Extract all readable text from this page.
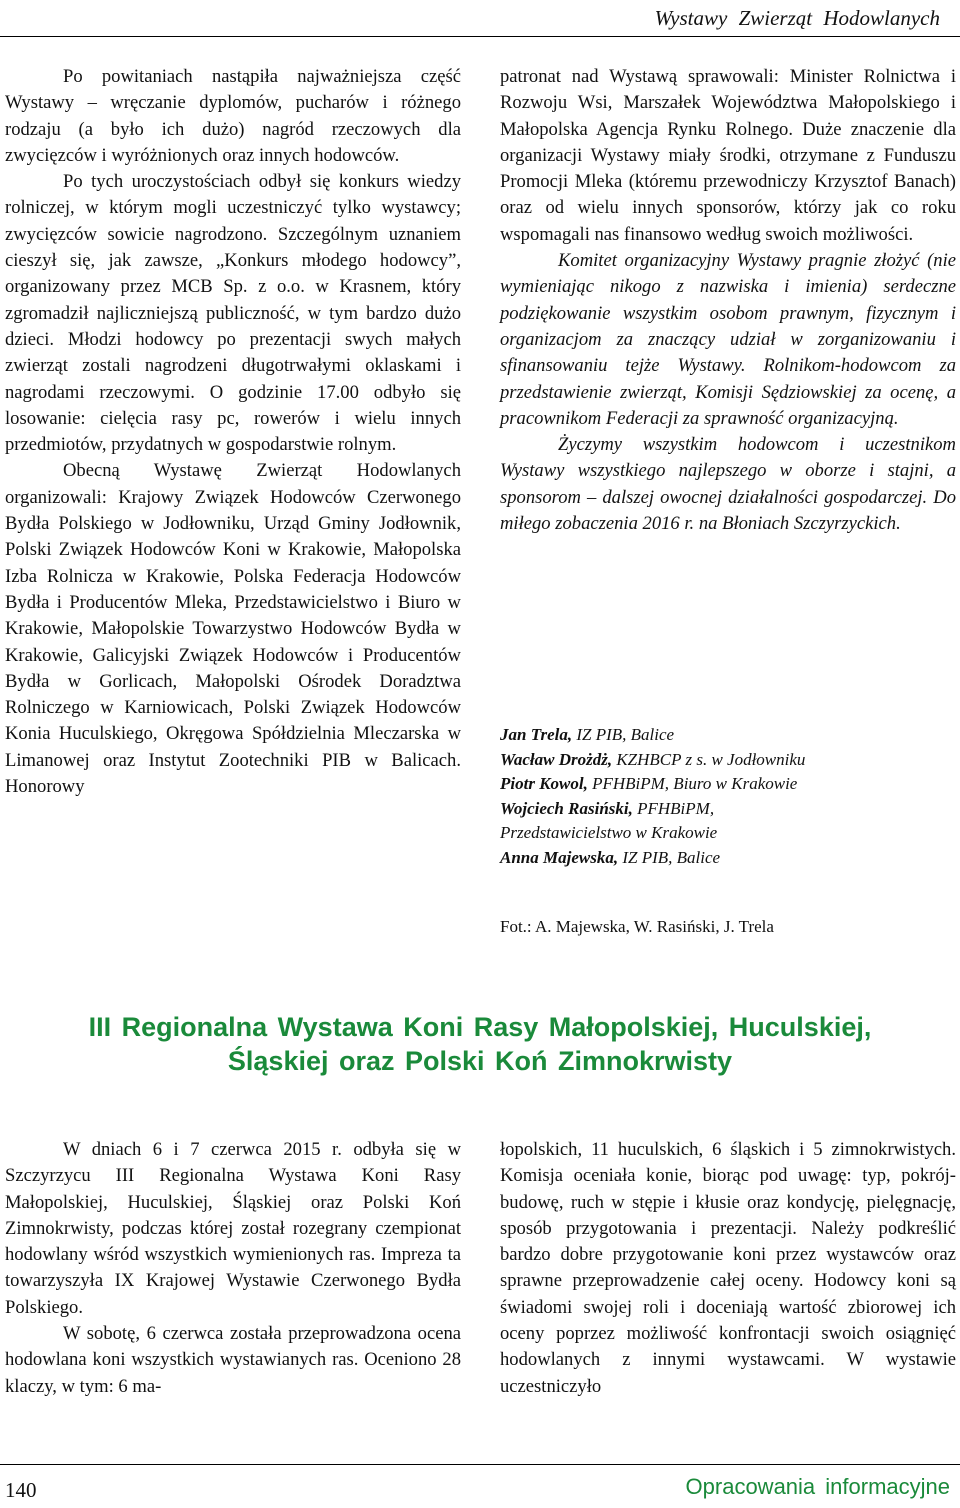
Wystawy Zwierząt Hodowlanych

Po powitaniach nastąpiła najważniejsza część Wystawy – wręczanie dyplomów, pucharów i różnego rodzaju (a było ich dużo) nagród rzeczowych dla zwycięzców i wyróżnionych oraz innych hodowców.

Po tych uroczystościach odbył się konkurs wiedzy rolniczej, w którym mogli uczestniczyć tylko wystawcy; zwycięzców sowicie nagrodzono. Szczególnym uznaniem cieszył się, jak zawsze, „Konkurs młodego hodowcy”, organizowany przez MCB Sp. z o.o. w Krasnem, który zgromadził najliczniejszą publiczność, w tym bardzo dużo dzieci. Młodzi hodowcy po prezentacji swych małych zwierząt zostali nagrodzeni długotrwałymi oklaskami i nagrodami rzeczowymi. O godzinie 17.00 odbyło się losowanie: cielęcia rasy pc, rowerów i wielu innych przedmiotów, przydatnych w gospodarstwie rolnym.

Obecną Wystawę Zwierząt Hodowlanych organizowali: Krajowy Związek Hodowców Czerwonego Bydła Polskiego w Jodłowniku, Urząd Gminy Jodłownik, Polski Związek Hodowców Koni w Krakowie, Małopolska Izba Rolnicza w Krakowie, Polska Federacja Hodowców Bydła i Producentów Mleka, Przedstawicielstwo i Biuro w Krakowie, Małopolskie Towarzystwo Hodowców Bydła w Krakowie, Galicyjski Związek Hodowców i Producentów Bydła w Gorlicach, Małopolski Ośrodek Doradztwa Rolniczego w Karniowicach, Polski Związek Hodowców Konia Huculskiego, Okręgowa Spółdzielnia Mleczarska w Limanowej oraz Instytut Zootechniki PIB w Balicach. Honorowy

patronat nad Wystawą sprawowali: Minister Rolnictwa i Rozwoju Wsi, Marszałek Województwa Małopolskiego i Małopolska Agencja Rynku Rolnego. Duże znaczenie dla organizacji Wystawy miały środki, otrzymane z Funduszu Promocji Mleka (któremu przewodniczy Krzysztof Banach) oraz od wielu innych sponsorów, którzy jak co roku wspomagali nas finansowo według swoich możliwości.

Komitet organizacyjny Wystawy pragnie złożyć (nie wymieniając nikogo z nazwiska i imienia) serdeczne podziękowanie wszystkim osobom prawnym, fizycznym i organizacjom za znaczący udział w zorganizowaniu i sfinansowaniu tejże Wystawy. Rolnikom-hodowcom za przedstawienie zwierząt, Komisji Sędziowskiej za ocenę, a pracownikom Federacji za sprawność organizacyjną.

Życzymy wszystkim hodowcom i uczestnikom Wystawy wszystkiego najlepszego w oborze i stajni, a sponsorom – dalszej owocnej działalności gospodarczej. Do miłego zobaczenia 2016 r. na Błoniach Szczyrzyckich.

Jan Trela, IZ PIB, Balice
Wacław Drożdż, KZHBCP z s. w Jodłowniku
Piotr Kowol, PFHBiPM, Biuro w Krakowie
Wojciech Rasiński, PFHBiPM,
Przedstawicielstwo w Krakowie
Anna Majewska, IZ PIB, Balice
Fot.: A. Majewska, W. Rasiński, J. Trela
III Regionalna Wystawa Koni Rasy Małopolskiej, Huculskiej,
Śląskiej oraz Polski Koń Zimnokrwisty

W dniach 6 i 7 czerwca 2015 r. odbyła się w Szczyrzycu III Regionalna Wystawa Koni Rasy Małopolskiej, Huculskiej, Śląskiej oraz Polski Koń Zimnokrwisty, podczas której został rozegrany czempionat hodowlany wśród wszystkich wymienionych ras. Impreza ta towarzyszyła IX Krajowej Wystawie Czerwonego Bydła Polskiego.

W sobotę, 6 czerwca została przeprowadzona ocena hodowlana koni wszystkich wystawianych ras. Oceniono 28 klaczy, w tym: 6 ma-

łopolskich, 11 huculskich, 6 śląskich i 5 zimnokrwistych. Komisja oceniała konie, biorąc pod uwagę: typ, pokrój-budowę, ruch w stępie i kłusie oraz kondycję, pielęgnację, sposób przygotowania i prezentacji. Należy podkreślić bardzo dobre przygotowanie koni przez wystawców oraz sprawne przeprowadzenie całej oceny. Hodowcy koni są świadomi swojej roli i doceniają wartość zbiorowej ich oceny poprzez możliwość konfrontacji swoich osiągnięć hodowlanych z innymi wystawcami. W wystawie uczestniczyło

140	Opracowania informacyjne
